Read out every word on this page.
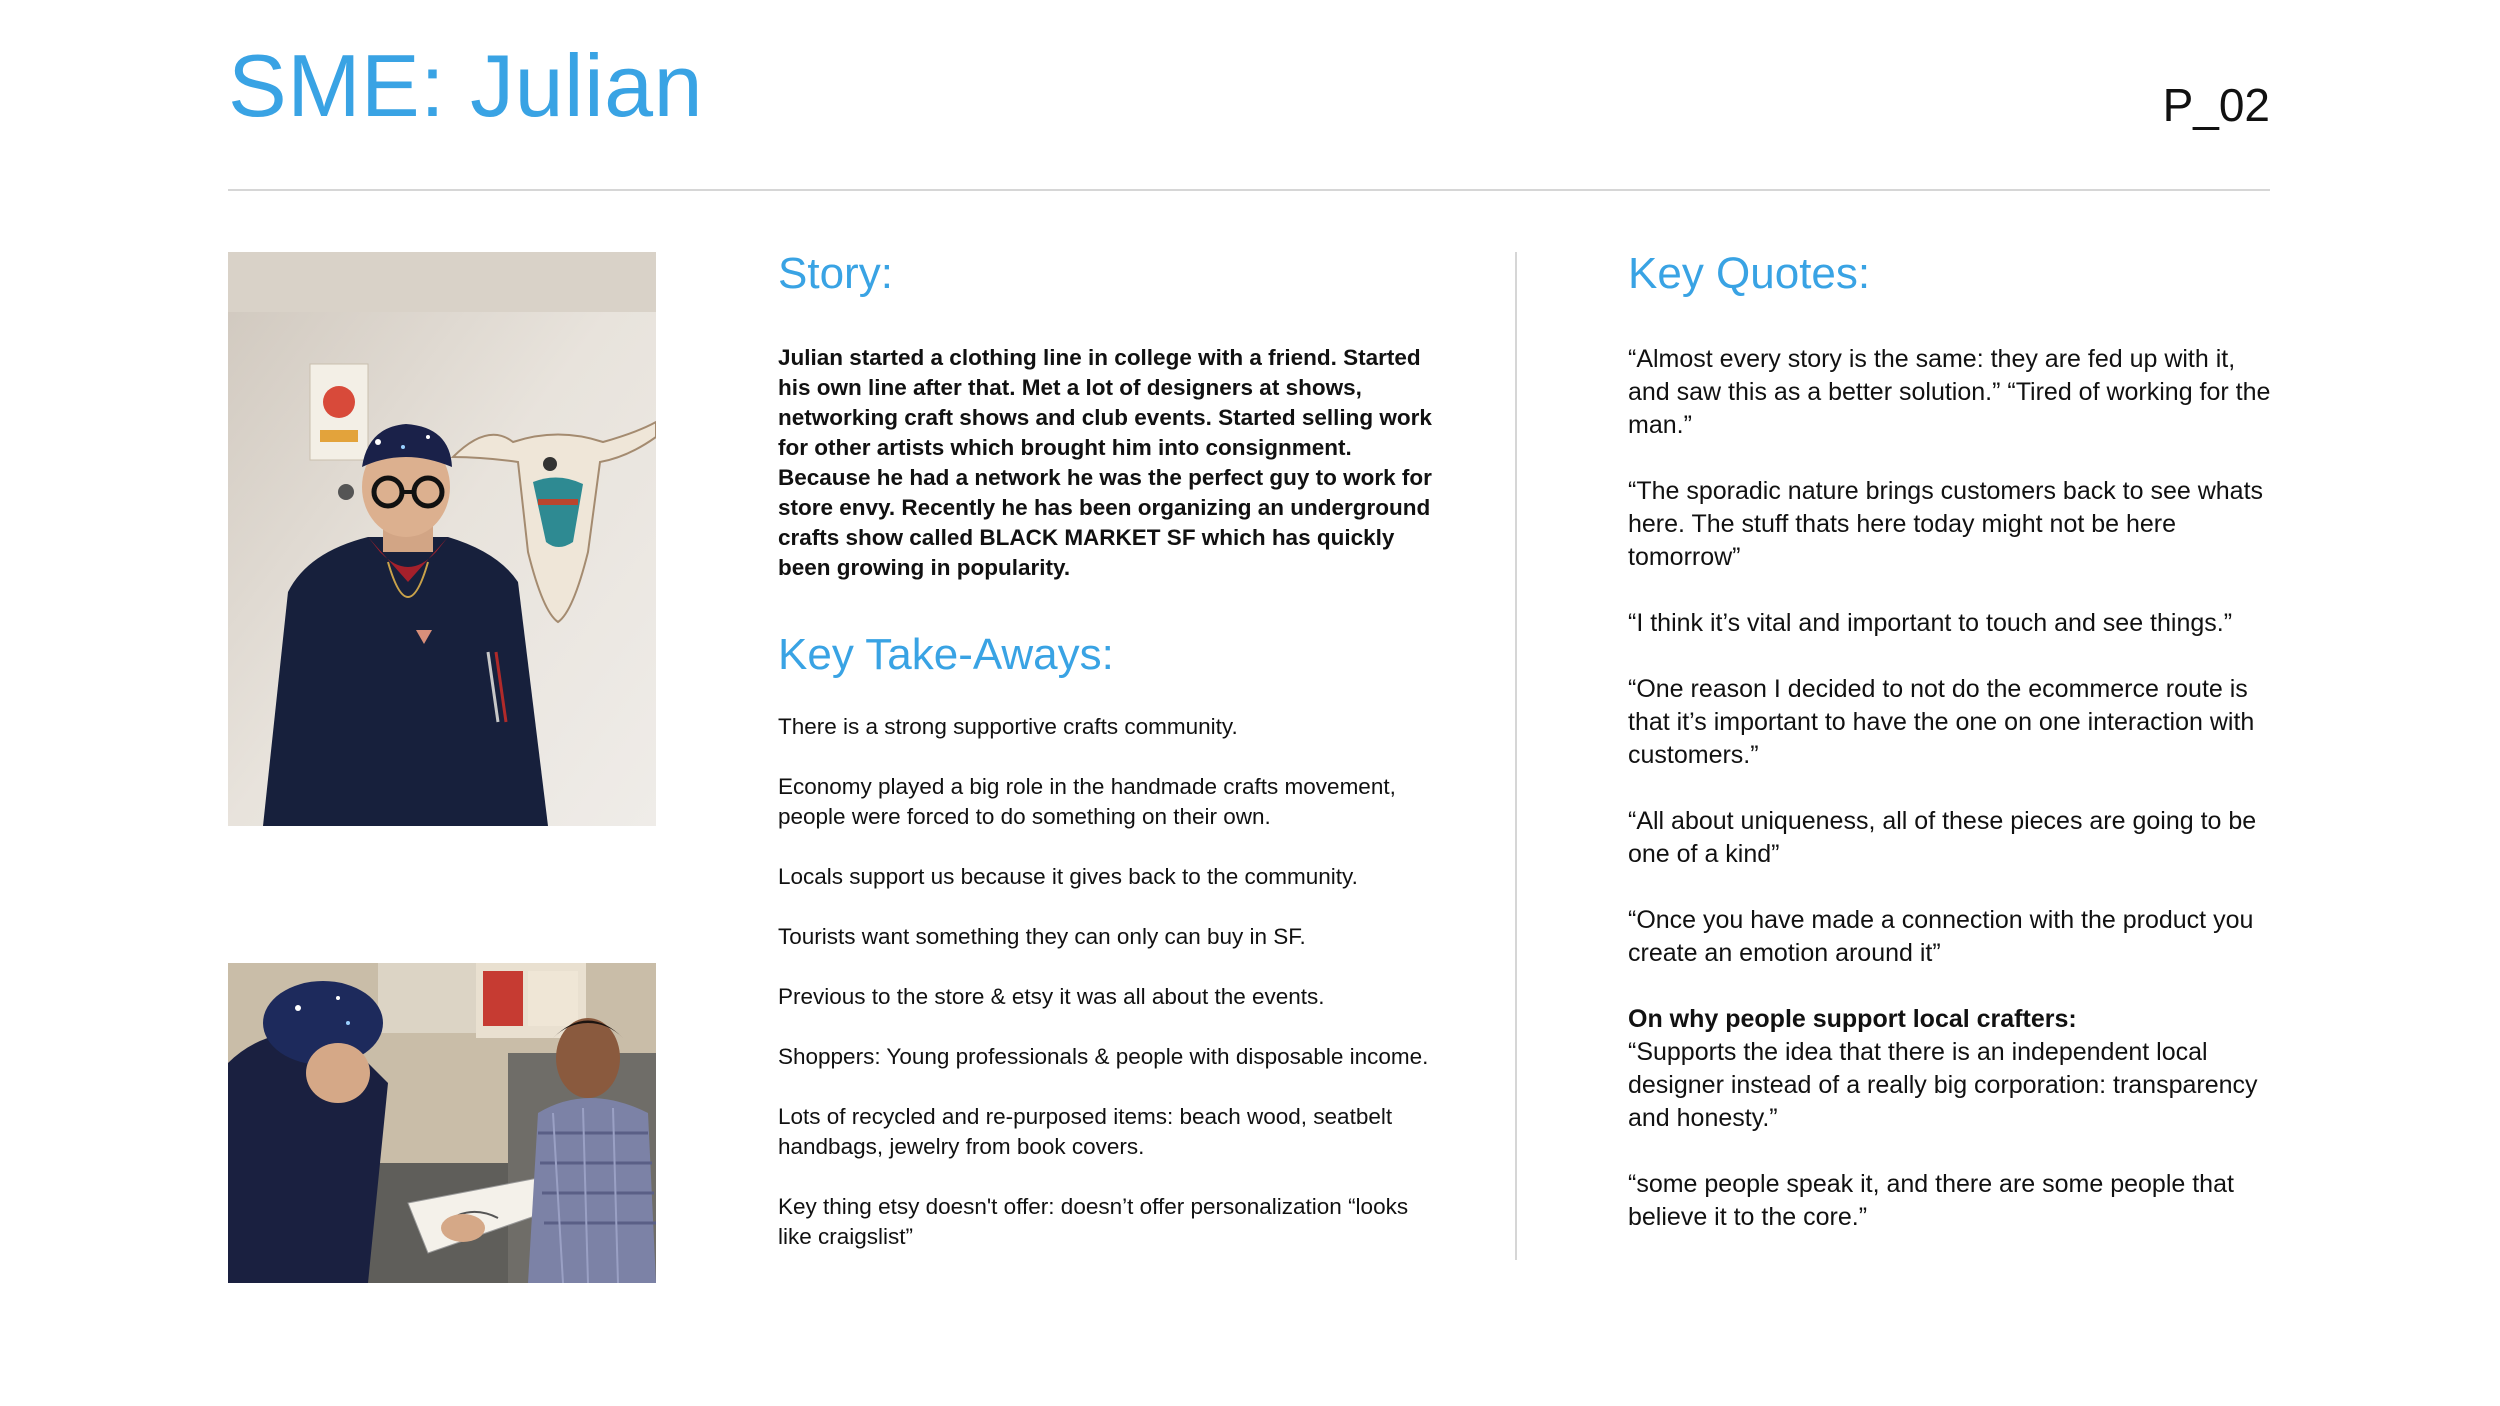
SME: Julian	P_02
Story:

Julian started a clothing line in college with a friend. Started his own line after that. Met a lot of designers at shows, networking craft shows and club events. Started selling work for other artists which brought him into consignment. Because he had a network he was the perfect guy to work for store envy. Recently he has been organizing an underground crafts show called BLACK MARKET SF which has quickly been growing in popularity.

Key Take-Aways:
There is a strong supportive crafts community.
Economy played a big role in the handmade crafts movement, people were forced to do something on their own.
Locals support us because it gives back to the community.
Tourists want something they can only can buy in SF.
Previous to the store & etsy it was all about the events.
Shoppers: Young professionals & people with disposable income.
Lots of recycled and re-purposed items: beach wood, seatbelt handbags, jewelry from book covers.
Key thing etsy doesn't offer: doesn’t offer personalization “looks like craigslist”
Key Quotes:
“Almost every story is the same: they are fed up with it, and saw this as a better solution.” “Tired of working for the man.”
“The sporadic nature brings customers back to see whats here. The stuff thats here today might not be here tomorrow”
“I think it’s vital and important to touch and see things.”
“One reason I decided to not do the ecommerce route is that it’s important to have the one on one interaction with customers.”
“All about uniqueness, all of these pieces are going to be one of a kind”
“Once you have made a connection with the product you create an emotion around it”
On why people support local crafters:
“Supports the idea that there is an independent local designer instead of a really big corporation: transparency and honesty.”
“some people speak it, and there are some people that believe it to the core.”
